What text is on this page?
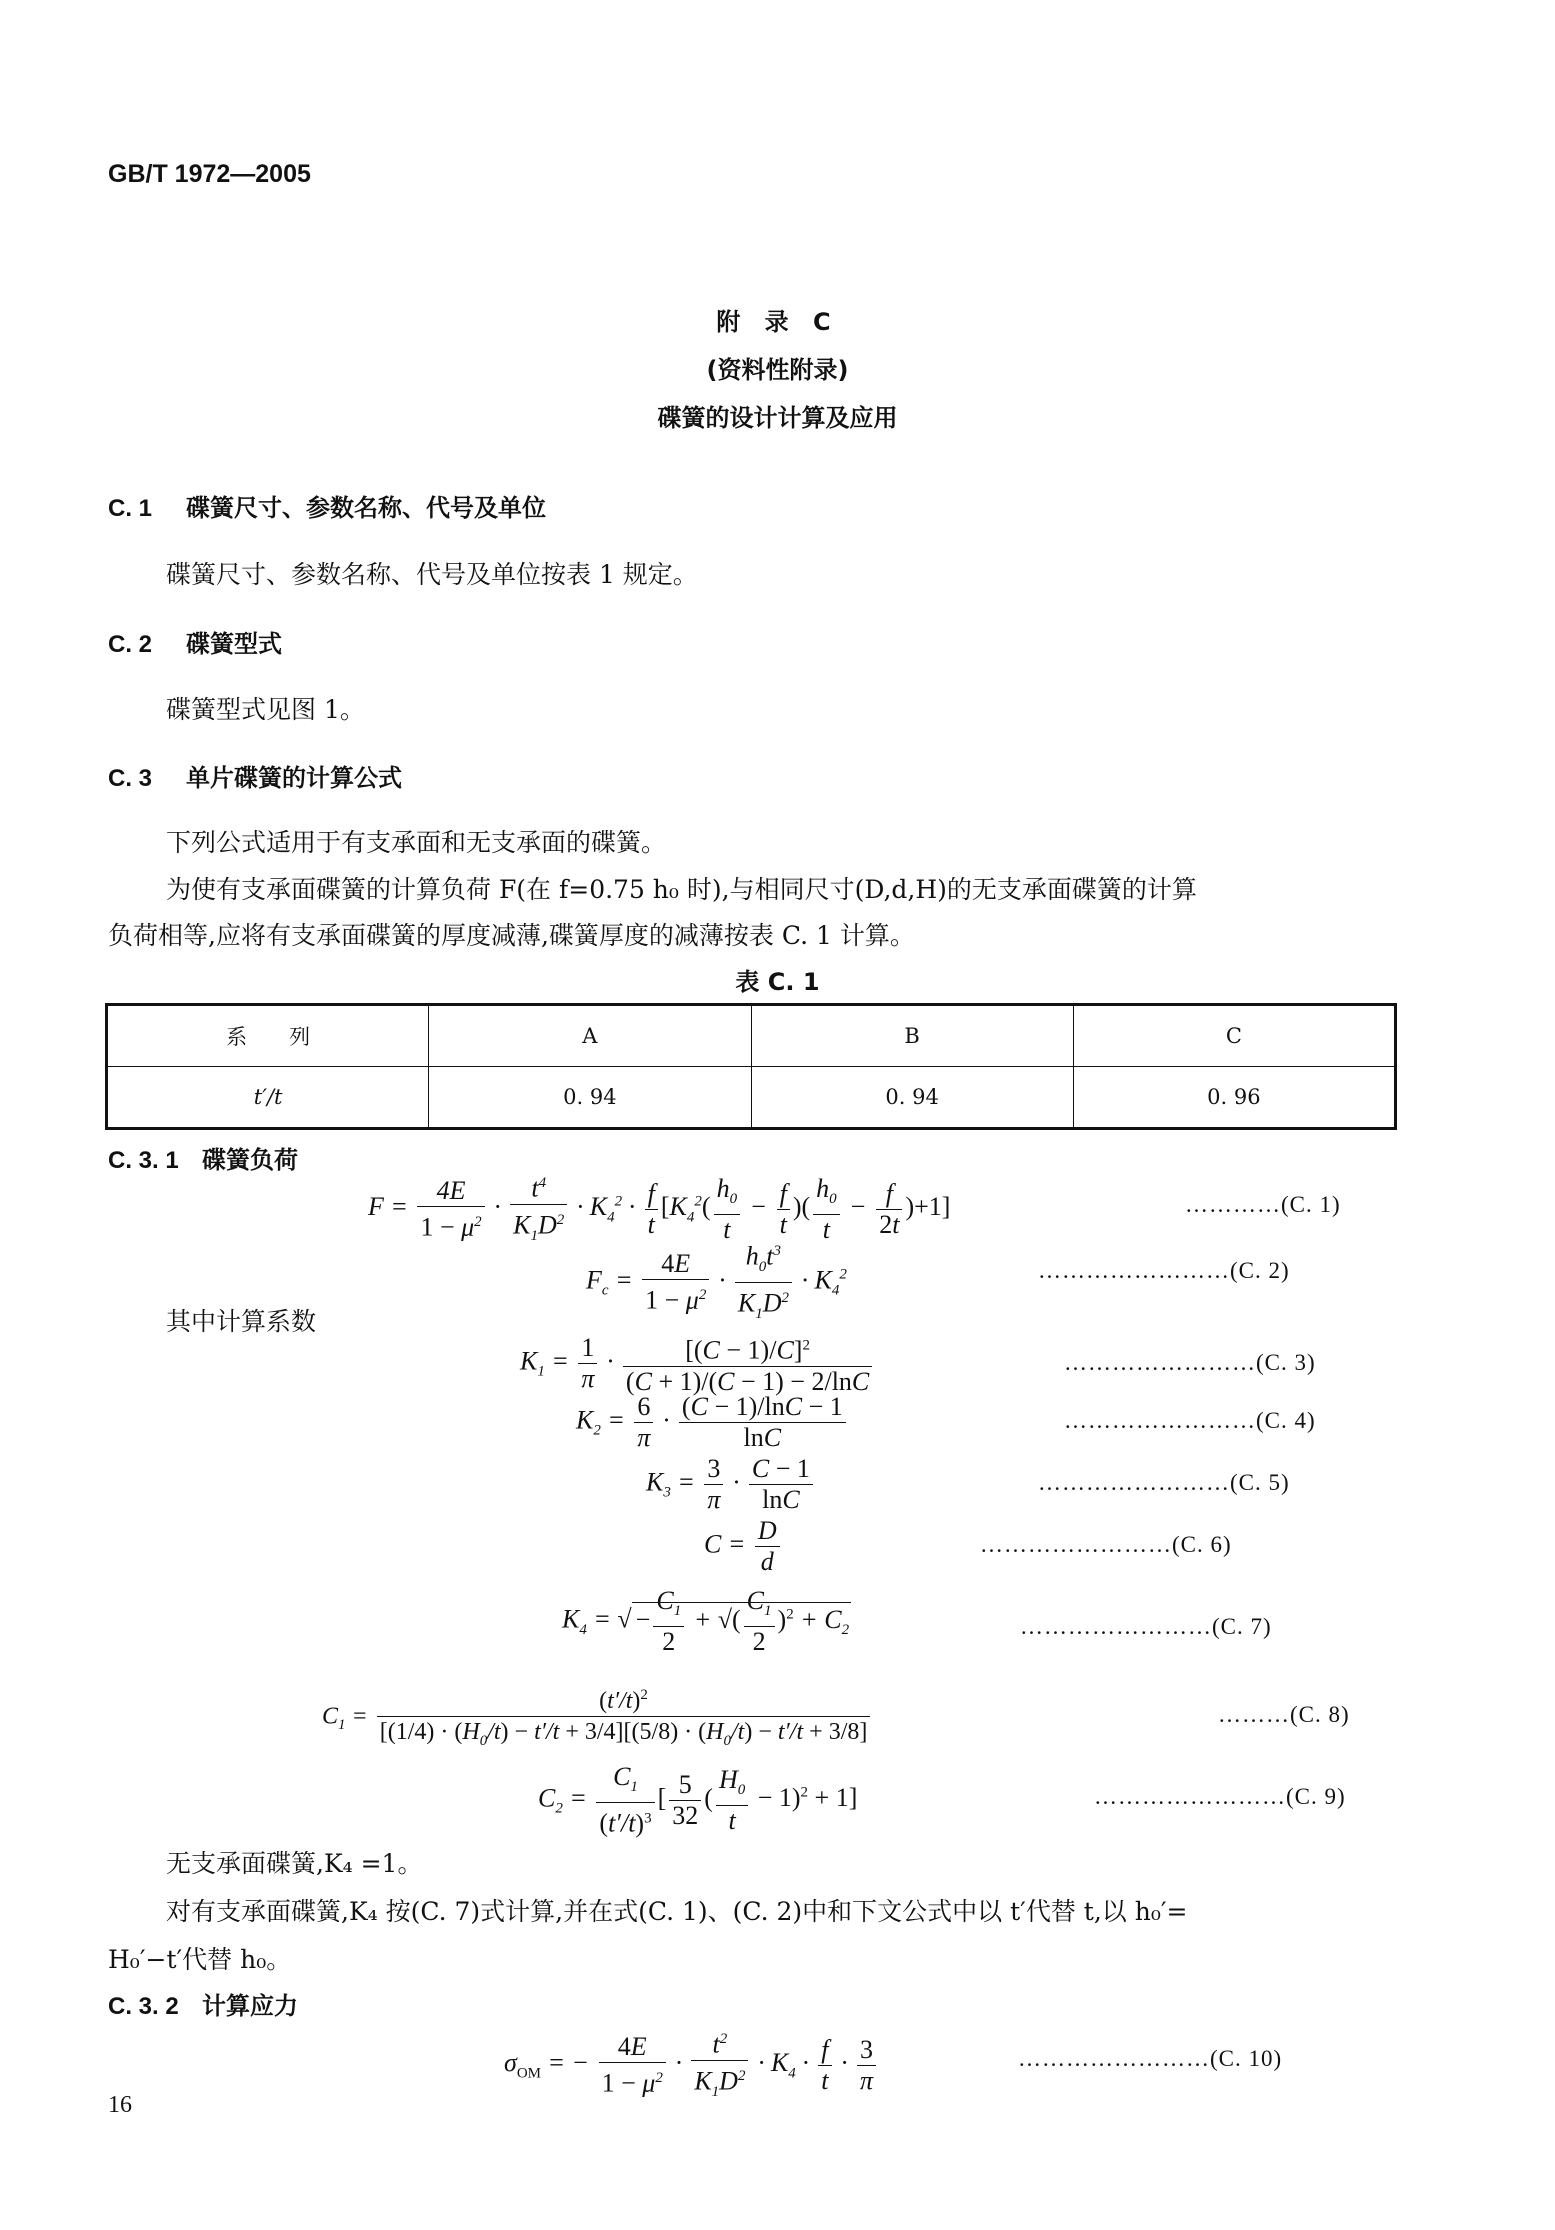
GB/T 1972—2005
附 录 C
(资料性附录)
碟簧的设计计算及应用
C. 1 碟簧尺寸、参数名称、代号及单位
碟簧尺寸、参数名称、代号及单位按表 1 规定。
C. 2 碟簧型式
碟簧型式见图 1。
C. 3 单片碟簧的计算公式
下列公式适用于有支承面和无支承面的碟簧。
为使有支承面碟簧的计算负荷 F(在 f=0.75 h₀ 时),与相同尺寸(D,d,H)的无支承面碟簧的计算
负荷相等,应将有支承面碟簧的厚度减薄,碟簧厚度的减薄按表 C. 1 计算。
表 C. 1
系　　列	A	B	C
t′/t	0. 94	0. 94	0. 96
C. 3. 1 碟簧负荷
$F = \frac{4E}{1 - \mu^2} \cdot \frac{t^4}{K_1D^2} \cdot K_4^2 \cdot \frac{f}{t} [K_4^2( \frac{h_0}{t} - \frac{f}{t}$ )( $\frac{h_0}{t} - \frac{f}{2t} )+1$]	…………(C. 1)
$F_c = \frac{4E}{1 - \mu^2} \cdot \frac{h_0t^3}{K_1D^2} \cdot K_4^2$	……………………(C. 2)
其中计算系数
$K_1 = \frac{1}{\pi} \cdot \frac{[(C - 1)/C]^2}{(C + 1)/(C - 1) - 2/\ln C}$	……………………(C. 3)
$K_2 = \frac{6}{\pi} \cdot \frac{(C - 1)/\ln C - 1}{\ln C}$	……………………(C. 4)
$K_3 = \frac{3}{\pi} \cdot \frac{C - 1}{\ln C}$	……………………(C. 5)
$C = \frac{D}{d}$	……………………(C. 6)
$K_4$ = √ − $\frac{C_1}{2}$ + √( $\frac{C_1}{2} )^2 + C_2$	……………………(C. 7)
$C_1 = \frac{(t'/t)^2}{[(1/4) \cdot (H_0/t) - t'/t + 3/4][(5/8) \cdot (H_0/t) - t'/t + 3/8]}$	………(C. 8)
$C_2 = \frac{C_1}{(t'/t)^3}$ [ $\frac{5}{32}$ ( $\frac{H_0}{t} - 1)^2 + 1$]	……………………(C. 9)
无支承面碟簧,K₄ =1。
对有支承面碟簧,K₄ 按(C. 7)式计算,并在式(C. 1)、(C. 2)中和下文公式中以 t′代替 t,以 h₀′=
H₀′−t′代替 h₀。
C. 3. 2 计算应力
$\sigma_{OM}$ = − $\frac{4E}{1 - \mu^2} \cdot \frac{t^2}{K_1D^2} \cdot K_4 \cdot \frac{f}{t} \cdot \frac{3}{\pi}$	……………………(C. 10)
16
